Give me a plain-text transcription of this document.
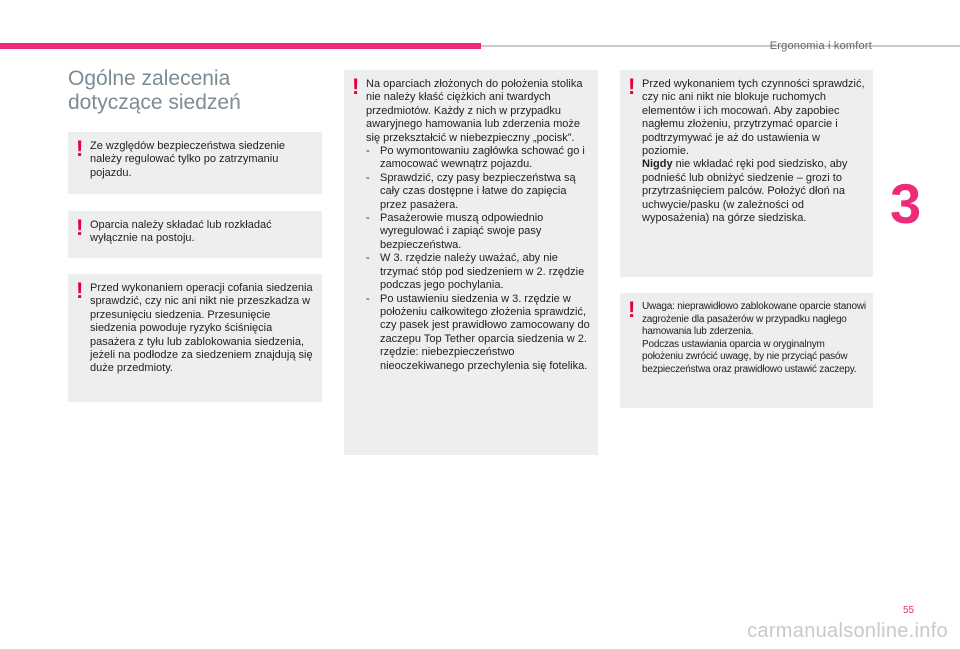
Ergonomia i komfort
3
Ogólne zalecenia
dotyczące siedzeń
! Ze względów bezpieczeństwa siedzenie należy regulować tylko po zatrzymaniu pojazdu.

! Oparcia należy składać lub rozkładać wyłącznie na postoju.

! Przed wykonaniem operacji cofania siedzenia sprawdzić, czy nic ani nikt nie przeszkadza w przesunięciu siedzenia. Przesunięcie siedzenia powoduje ryzyko ściśnięcia pasażera z tyłu lub zablokowania siedzenia, jeżeli na podłodze za siedzeniem znajdują się duże przedmioty.

! Na oparciach złożonych do położenia stolika nie należy kłaść ciężkich ani twardych przedmiotów. Każdy z nich w przypadku awaryjnego hamowania lub zderzenia może się przekształcić w niebezpieczny „pocisk”.

- Po wymontowaniu zagłówka schować go i zamocować wewnątrz pojazdu.
- Sprawdzić, czy pasy bezpieczeństwa są cały czas dostępne i łatwe do zapięcia przez pasażera.
- Pasażerowie muszą odpowiednio wyregulować i zapiąć swoje pasy bezpieczeństwa.
- W 3. rzędzie należy uważać, aby nie trzymać stóp pod siedzeniem w 2. rzędzie podczas jego pochylania.
- Po ustawieniu siedzenia w 3. rzędzie w położeniu całkowitego złożenia sprawdzić, czy pasek jest prawidłowo zamocowany do zaczepu Top Tether oparcia siedzenia w 2. rzędzie: niebezpieczeństwo nieoczekiwanego przechylenia się fotelika.
! Przed wykonaniem tych czynności sprawdzić, czy nic ani nikt nie blokuje ruchomych elementów i ich mocowań. Aby zapobiec nagłemu złożeniu, przytrzymać oparcie i podtrzymywać je aż do ustawienia w poziomie.

Nigdy nie wkładać ręki pod siedzisko, aby podnieść lub obniżyć siedzenie – grozi to przytrzaśnięciem palców. Położyć dłoń na uchwycie/pasku (w zależności od wyposażenia) na górze siedziska.

! Uwaga: nieprawidłowo zablokowane oparcie stanowi zagrożenie dla pasażerów w przypadku nagłego hamowania lub zderzenia.

Podczas ustawiania oparcia w oryginalnym położeniu zwrócić uwagę, by nie przyciąć pasów bezpieczeństwa oraz prawidłowo ustawić zaczepy.

55
carmanualsonline.info
